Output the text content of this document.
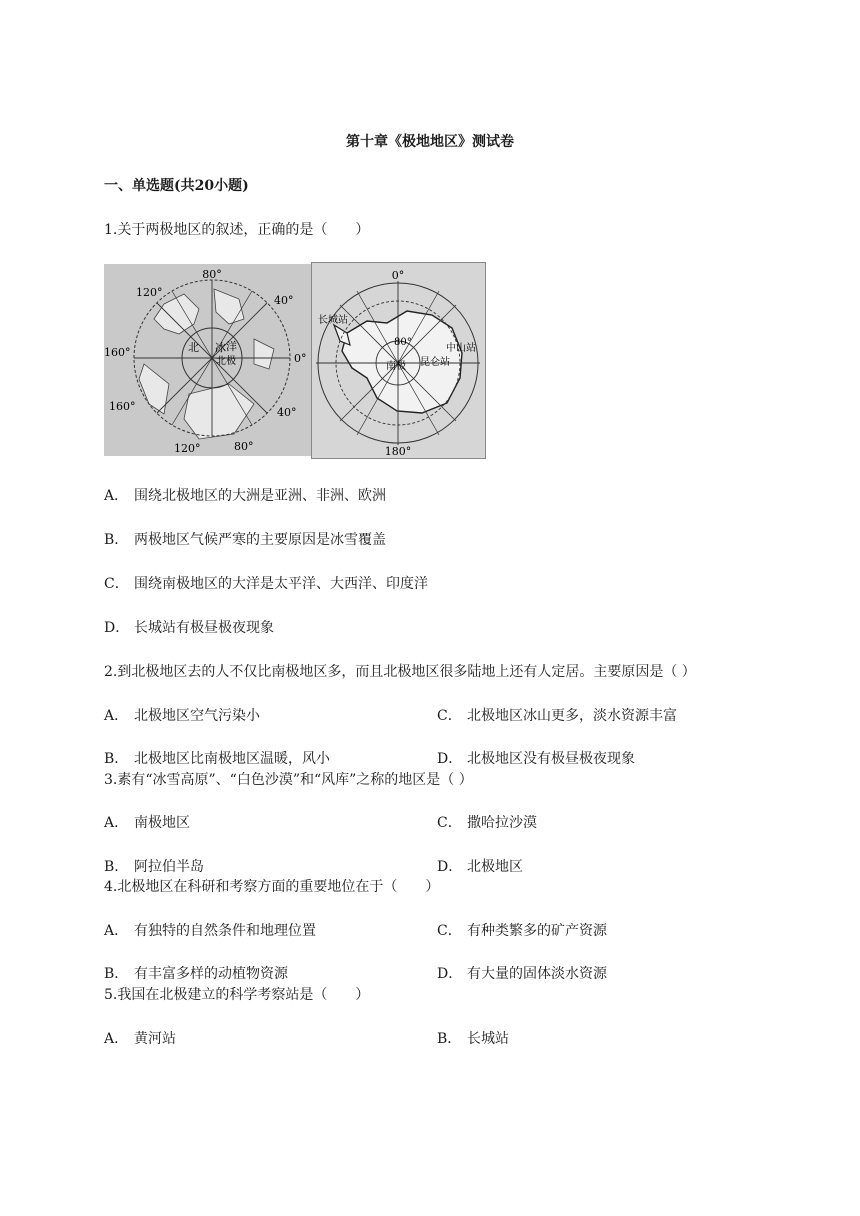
第十章《极地地区》测试卷
一、单选题(共20小题)
1.关于两极地区的叙述，正确的是（　　）
80°
40°
120°
160°	0°
160°	40°
120°	80°
北 冰 洋
北极
0°
长城站
80°
中山站
南极 昆仑站
180°
A． 围绕北极地区的大洲是亚洲、非洲、欧洲
B． 两极地区气候严寒的主要原因是冰雪覆盖
C． 围绕南极地区的大洋是太平洋、大西洋、印度洋
D． 长城站有极昼极夜现象
2.到北极地区去的人不仅比南极地区多，而且北极地区很多陆地上还有人定居。主要原因是（ ）
A． 北极地区空气污染小	C． 北极地区冰山更多，淡水资源丰富
B． 北极地区比南极地区温暖，风小	D． 北极地区没有极昼极夜现象
3.素有“冰雪高原”、“白色沙漠”和“风库”之称的地区是（ ）
A． 南极地区	C． 撒哈拉沙漠
B． 阿拉伯半岛	D． 北极地区
4.北极地区在科研和考察方面的重要地位在于（　　）
A． 有独特的自然条件和地理位置	C． 有种类繁多的矿产资源
B． 有丰富多样的动植物资源	D． 有大量的固体淡水资源
5.我国在北极建立的科学考察站是（　　）
A． 黄河站	B． 长城站
